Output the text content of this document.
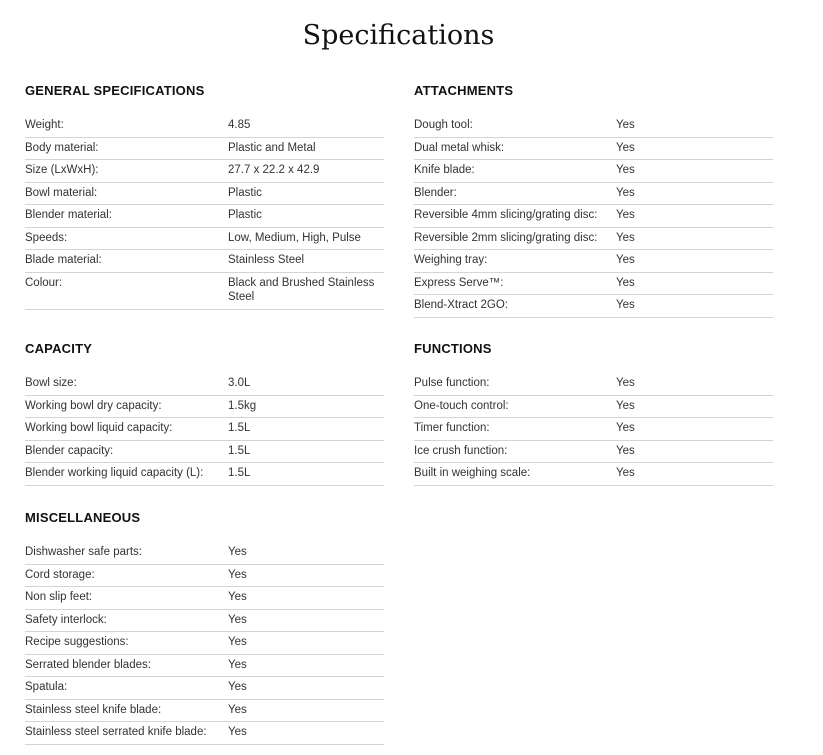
Specifications
GENERAL SPECIFICATIONS
Weight:	4.85
Body material:	Plastic and Metal
Size (LxWxH):	27.7 x 22.2 x 42.9
Bowl material:	Plastic
Blender material:	Plastic
Speeds:	Low, Medium, High, Pulse
Blade material:	Stainless Steel
Colour:	Black and Brushed Stainless Steel
ATTACHMENTS
Dough tool:	Yes
Dual metal whisk:	Yes
Knife blade:	Yes
Blender:	Yes
Reversible 4mm slicing/grating disc:	Yes
Reversible 2mm slicing/grating disc:	Yes
Weighing tray:	Yes
Express Serve™:	Yes
Blend-Xtract 2GO:	Yes
CAPACITY
Bowl size:	3.0L
Working bowl dry capacity:	1.5kg
Working bowl liquid capacity:	1.5L
Blender capacity:	1.5L
Blender working liquid capacity (L):	1.5L
FUNCTIONS
Pulse function:	Yes
One-touch control:	Yes
Timer function:	Yes
Ice crush function:	Yes
Built in weighing scale:	Yes
MISCELLANEOUS
Dishwasher safe parts:	Yes
Cord storage:	Yes
Non slip feet:	Yes
Safety interlock:	Yes
Recipe suggestions:	Yes
Serrated blender blades:	Yes
Spatula:	Yes
Stainless steel knife blade:	Yes
Stainless steel serrated knife blade:	Yes
